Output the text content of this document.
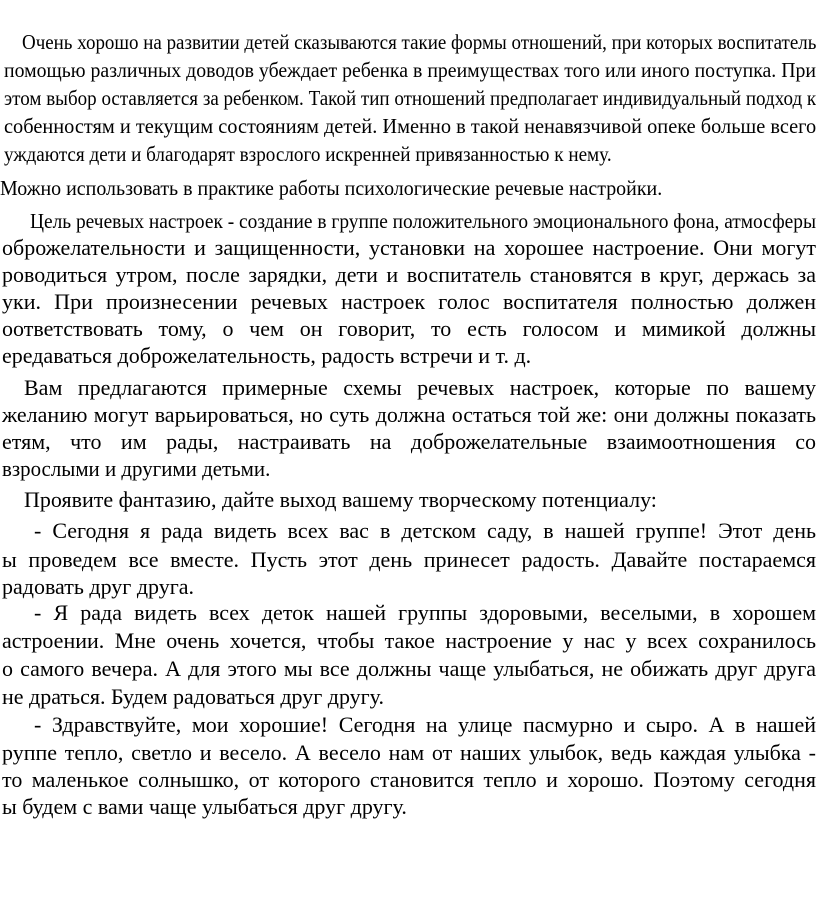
Очень хорошо на развитии детей сказываются такие формы отношений, при которых воспитатель
помощью различных доводов убеждает ребенка в преимуществах того или иного поступка. При
этом выбор оставляется за ребенком. Такой тип отношений предполагает индивидуальный подход к
собенностям и текущим состояниям детей. Именно в такой ненавязчивой опеке больше всего
уждаются дети и благодарят взрослого искренней привязанностью к нему.
Можно использовать в практике работы психологические речевые настройки.
Цель речевых настроек - создание в группе положительного эмоционального фона, атмосферы
оброжелательности и защищенности, установки на хорошее настроение. Они могут
роводиться утром, после зарядки, дети и воспитатель становятся в круг, держась за
уки. При произнесении речевых настроек голос воспитателя полностью должен
оответствовать тому, о чем он говорит, то есть голосом и мимикой должны
ередаваться доброжелательность, радость встречи и т. д.
Вам предлагаются примерные схемы речевых настроек, которые по вашему
желанию могут варьироваться, но суть должна остаться той же: они должны показать
етям, что им рады, настраивать на доброжелательные взаимоотношения со
взрослыми и другими детьми.
Проявите фантазию, дайте выход вашему творческому потенциалу:
- Сегодня я рада видеть всех вас в детском саду, в нашей группе! Этот день
ы проведем все вместе. Пусть этот день принесет радость. Давайте постараемся
радовать друг друга.
- Я рада видеть всех деток нашей группы здоровыми, веселыми, в хорошем
астроении. Мне очень хочется, чтобы такое настроение у нас у всех сохранилось
о самого вечера. А для этого мы все должны чаще улыбаться, не обижать друг друга
не драться. Будем радоваться друг другу.
- Здравствуйте, мои хорошие! Сегодня на улице пасмурно и сыро. А в нашей
руппе тепло, светло и весело. А весело нам от наших улыбок, ведь каждая улыбка -
то маленькое солнышко, от которого становится тепло и хорошо. Поэтому сегодня
ы будем с вами чаще улыбаться друг другу.
